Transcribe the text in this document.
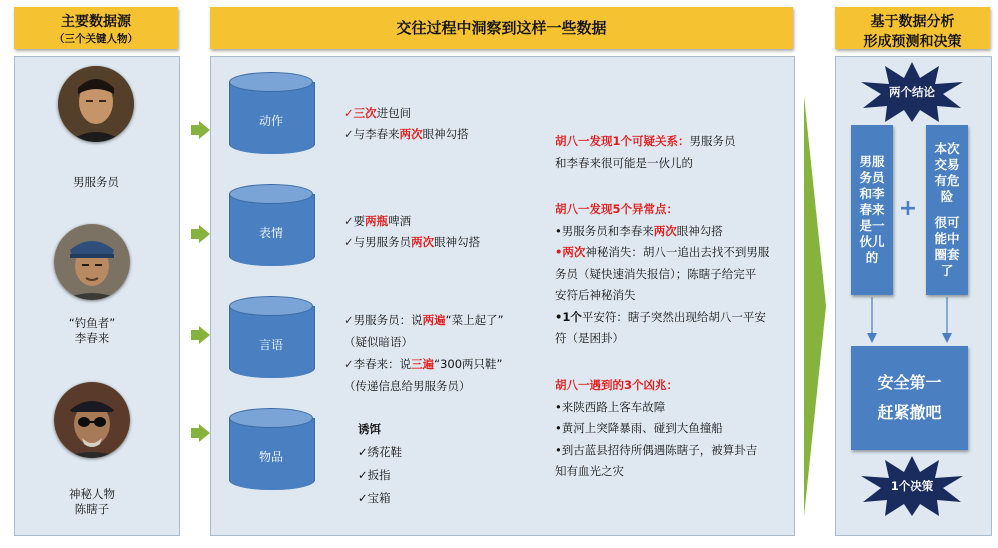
主要数据源
（三个关键人物）
交往过程中洞察到这样一些数据	基于数据分析
形成预测和决策
男服务员
“钓鱼者”
李春来
神秘人物
陈瞎子
动作
表情
言语
物品
✓三次进包间
✓与李春来两次眼神勾搭
✓要两瓶啤酒
✓与男服务员两次眼神勾搭
✓男服务员：说两遍“菜上起了”
（疑似暗语）
✓李春来：说三遍“300两只鞋”
（传递信息给男服务员）
诱饵
✓绣花鞋
✓扳指
✓宝箱
胡八一发现1个可疑关系：男服务员
和李春来很可能是一伙儿的
胡八一发现5个异常点：
•男服务员和李春来两次眼神勾搭
•两次神秘消失：胡八一追出去找不到男服
务员（疑快速消失报信）；陈瞎子给完平
安符后神秘消失
•1个平安符：瞎子突然出现给胡八一平安
符（是困卦）
胡八一遇到的3个凶兆：
•来陕西路上客车故障
•黄河上突降暴雨、碰到大鱼撞船
•到古蓝县招待所偶遇陈瞎子，被算卦吉
知有血光之灾
两个结论
男服务员和李春来是一伙儿的
+
本次交易有危险
很可能中圈套了
安全第一
赶紧撤吧
1个决策
